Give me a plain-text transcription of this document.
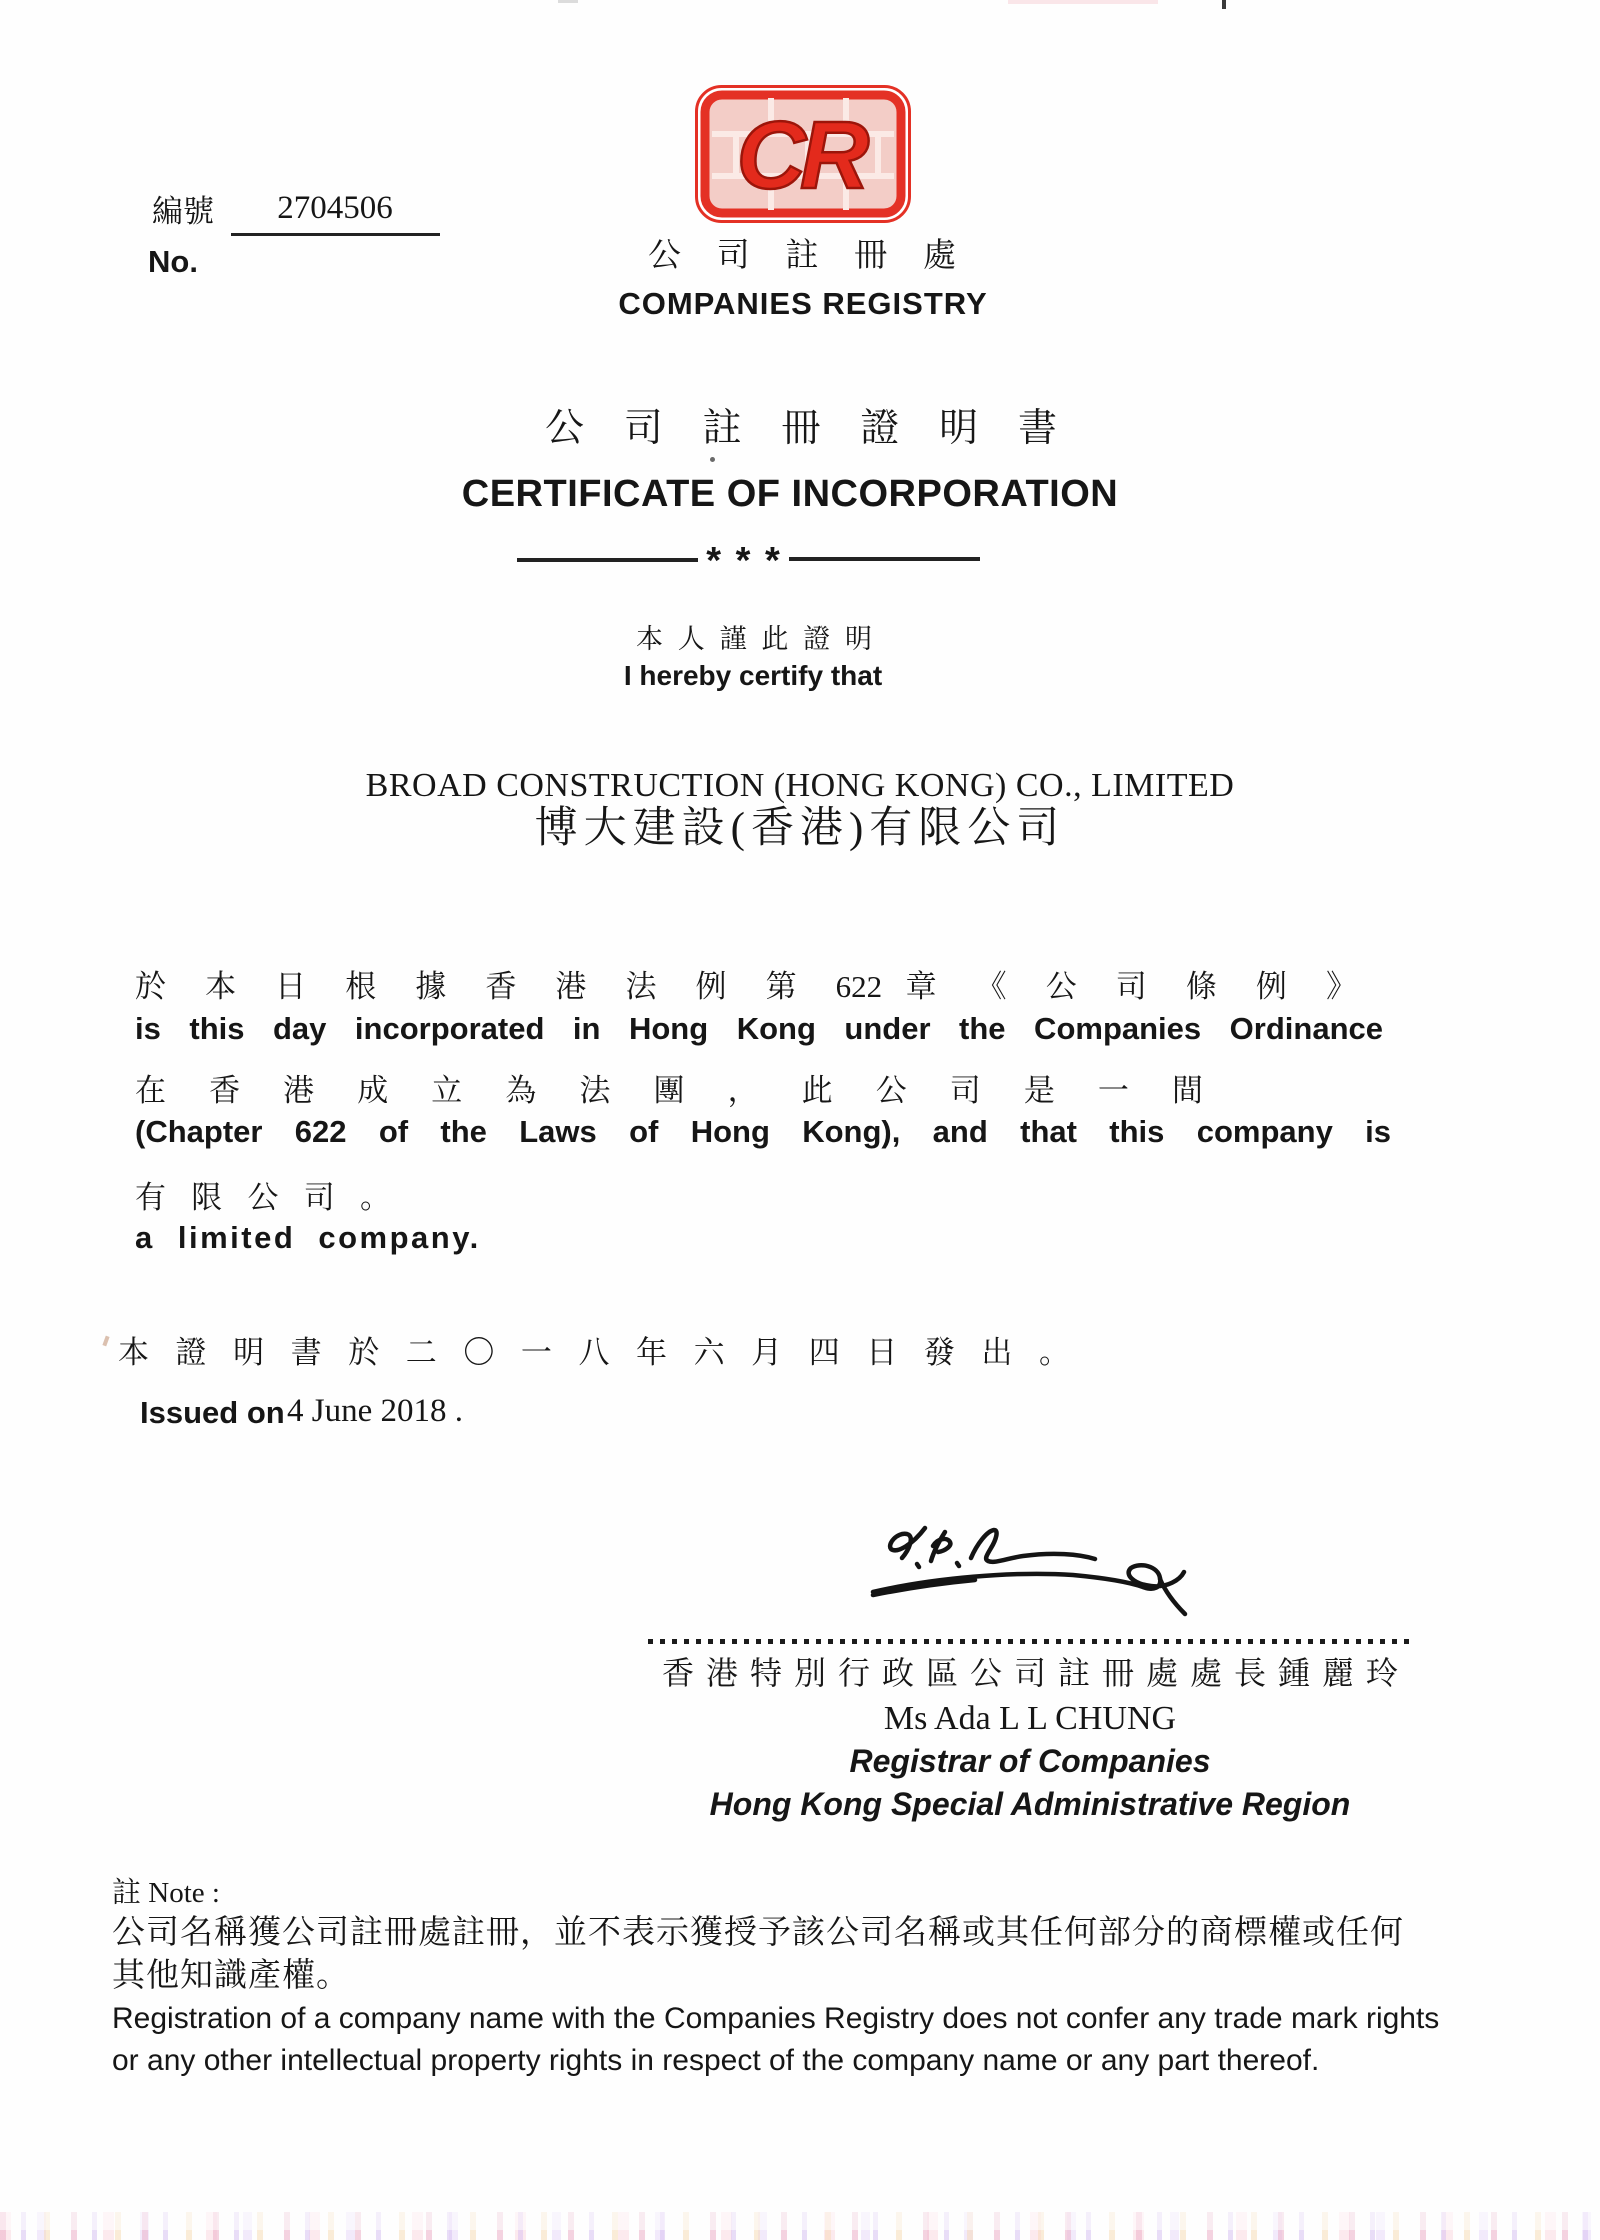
編號	2704506
No.
CR
公 司 註 冊 處
COMPANIES REGISTRY
公 司 註 冊 證 明 書
CERTIFICATE OF INCORPORATION
* * *
本 人 謹 此 證 明
I hereby certify that
BROAD CONSTRUCTION (HONG KONG) CO., LIMITED
博大建設(香港)有限公司
於 本 日 根 據 香 港 法 例 第 622 章 《 公 司 條 例 》
is this day incorporated in Hong Kong under the Companies Ordinance
在 香 港 成 立 為 法 團 ， 此 公 司 是 一 間
(Chapter 622 of the Laws of Hong Kong), and that this company is
有 限 公 司 。
a limited company.
本 證 明 書 於 二 〇 一 八 年 六 月 四 日 發 出 。
Issued on 4 June 2018 .
香港特別行政區公司註冊處處長鍾麗玲
Ms Ada L L CHUNG
Registrar of Companies
Hong Kong Special Administrative Region
註 Note :
公司名稱獲公司註冊處註冊，並不表示獲授予該公司名稱或其任何部分的商標權或任何
其他知識產權。
Registration of a company name with the Companies Registry does not confer any trade mark rights
or any other intellectual property rights in respect of the company name or any part thereof.
